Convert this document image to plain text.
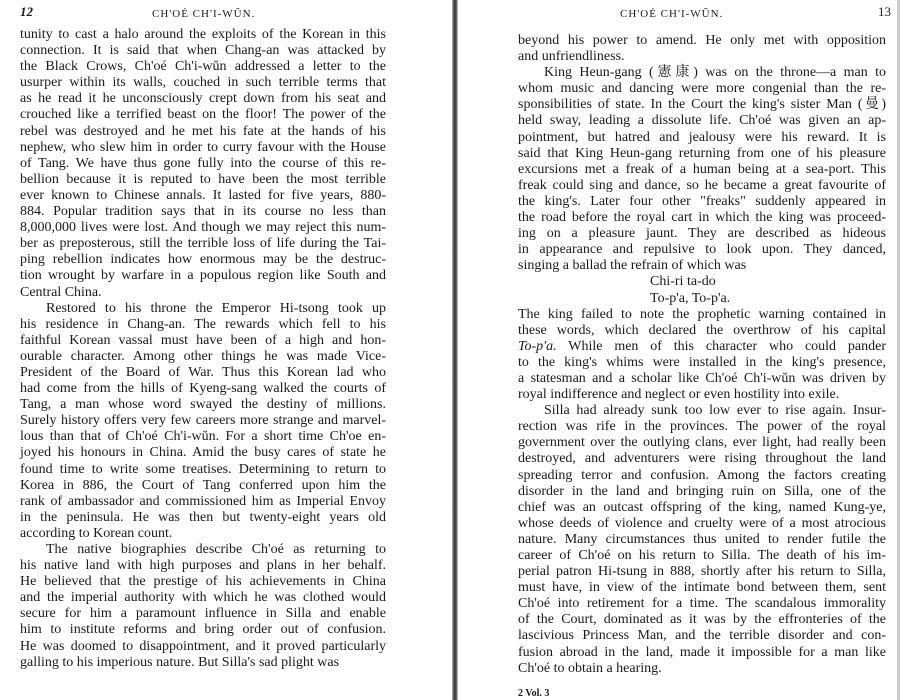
12	CH'OÉ CH'I-WŬN.
tunity to cast a halo around the exploits of the Korean in this
connection. It is said that when Chang-an was attacked by
the Black Crows, Ch'oé Ch'i-wŭn addressed a letter to the
usurper within its walls, couched in such terrible terms that
as he read it he unconsciously crept down from his seat and
crouched like a terrified beast on the floor! The power of the
rebel was destroyed and he met his fate at the hands of his
nephew, who slew him in order to curry favour with the House
of Tang. We have thus gone fully into the course of this re-
bellion because it is reputed to have been the most terrible
ever known to Chinese annals. It lasted for five years, 880-
884. Popular tradition says that in its course no less than
8,000,000 lives were lost. And though we may reject this num-
ber as preposterous, still the terrible loss of life during the Tai-
ping rebellion indicates how enormous may be the destruc-
tion wrought by warfare in a populous region like South and
Central China.
Restored to his throne the Emperor Hi-tsong took up
his residence in Chang-an. The rewards which fell to his
faithful Korean vassal must have been of a high and hon-
ourable character. Among other things he was made Vice-
President of the Board of War. Thus this Korean lad who
had come from the hills of Kyeng-sang walked the courts of
Tang, a man whose word swayed the destiny of millions.
Surely history offers very few careers more strange and marvel-
lous than that of Ch'oé Ch'i-wŭn. For a short time Ch'oe en-
joyed his honours in China. Amid the busy cares of state he
found time to write some treatises. Determining to return to
Korea in 886, the Court of Tang conferred upon him the
rank of ambassador and commissioned him as Imperial Envoy
in the peninsula. He was then but twenty-eight years old
according to Korean count.
The native biographies describe Ch'oé as returning to
his native land with high purposes and plans in her behalf.
He believed that the prestige of his achievements in China
and the imperial authority with which he was clothed would
secure for him a paramount influence in Silla and enable
him to institute reforms and bring order out of confusion.
He was doomed to disappointment, and it proved particularly
galling to his imperious nature. But Silla's sad plight was
CH'OÉ CH'I-WŬN.	13
beyond his power to amend. He only met with opposition
and unfriendliness.
King Heun-gang (憲康) was on the throne—a man to
whom music and dancing were more congenial than the re-
sponsibilities of state. In the Court the king's sister Man (曼)
held sway, leading a dissolute life. Ch'oé was given an ap-
pointment, but hatred and jealousy were his reward. It is
said that King Heun-gang returning from one of his pleasure
excursions met a freak of a human being at a sea-port. This
freak could sing and dance, so he became a great favourite of
the king's. Later four other "freaks" suddenly appeared in
the road before the royal cart in which the king was proceed-
ing on a pleasure jaunt. They are described as hideous
in appearance and repulsive to look upon. They danced,
singing a ballad the refrain of which was
Chi-ri ta-do
To-p'a, To-p'a.
The king failed to note the prophetic warning contained in
these words, which declared the overthrow of his capital
To-p'a. While men of this character who could pander
to the king's whims were installed in the king's presence,
a statesman and a scholar like Ch'oé Ch'i-wŭn was driven by
royal indifference and neglect or even hostility into exile.
Silla had already sunk too low ever to rise again. Insur-
rection was rife in the provinces. The power of the royal
government over the outlying clans, ever light, had really been
destroyed, and adventurers were rising throughout the land
spreading terror and confusion. Among the factors creating
disorder in the land and bringing ruin on Silla, one of the
chief was an outcast offspring of the king, named Kung-ye,
whose deeds of violence and cruelty were of a most atrocious
nature. Many circumstances thus united to render futile the
career of Ch'oé on his return to Silla. The death of his im-
perial patron Hi-tsung in 888, shortly after his return to Silla,
must have, in view of the intimate bond between them, sent
Ch'oé into retirement for a time. The scandalous immorality
of the Court, dominated as it was by the effronteries of the
lascivious Princess Man, and the terrible disorder and con-
fusion abroad in the land, made it impossible for a man like
Ch'oé to obtain a hearing.
2 Vol. 3
